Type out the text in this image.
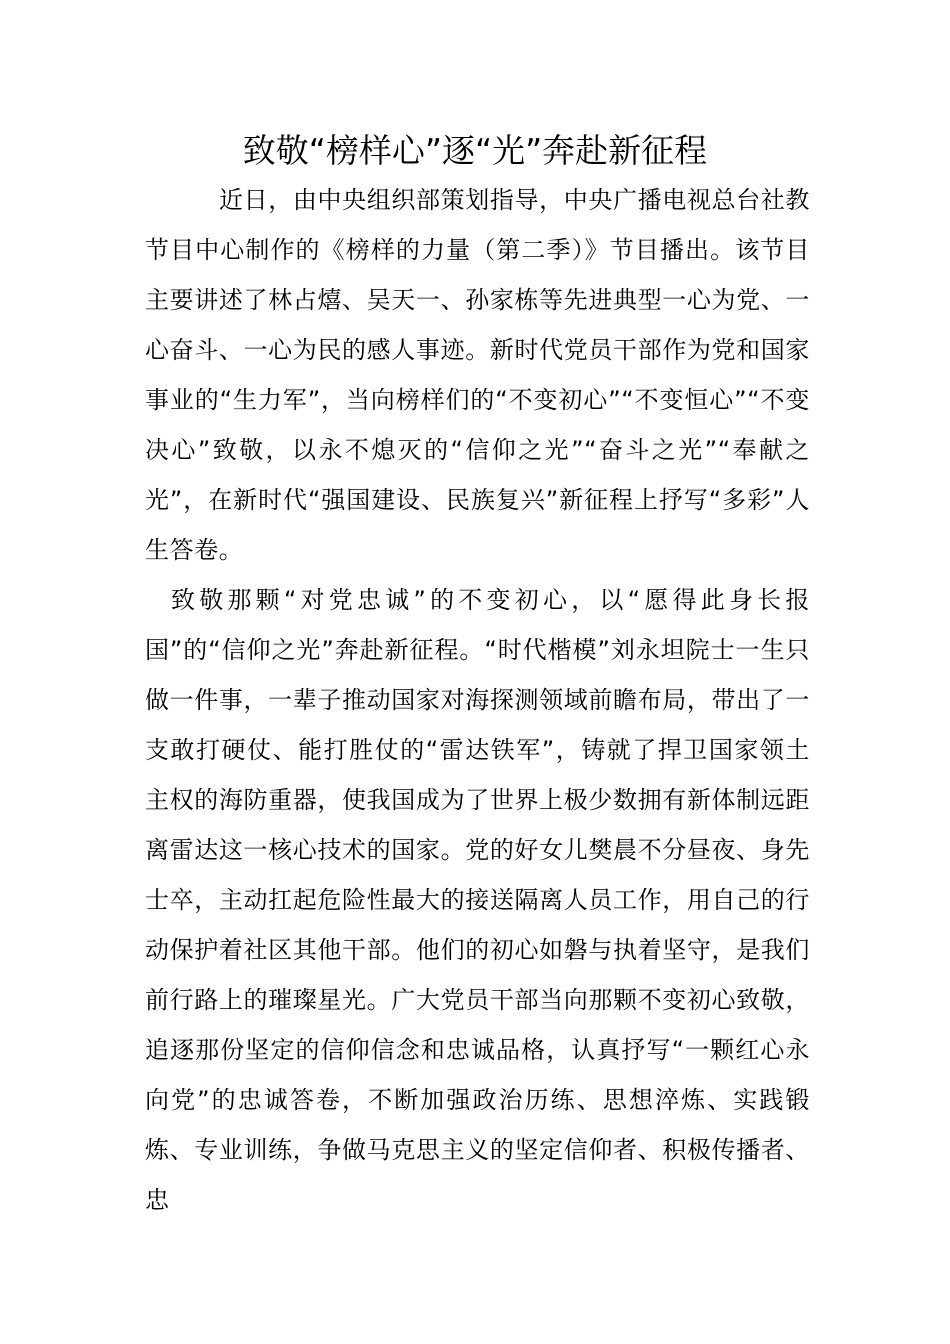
致敬“榜样心”逐“光”奔赴新征程

近日，由中央组织部策划指导，中央广播电视总台社教节目中心制作的《榜样的力量（第二季）》节目播出。该节目主要讲述了林占熺、吴天一、孙家栋等先进典型一心为党、一心奋斗、一心为民的感人事迹。新时代党员干部作为党和国家事业的“生力军”，当向榜样们的“不变初心”“不变恒心”“不变决心”致敬，以永不熄灭的“信仰之光”“奋斗之光”“奉献之光”，在新时代“强国建设、民族复兴”新征程上抒写“多彩”人生答卷。

致敬那颗“对党忠诚”的不变初心，以“愿得此身长报国”的“信仰之光”奔赴新征程。“时代楷模”刘永坦院士一生只做一件事，一辈子推动国家对海探测领域前瞻布局，带出了一支敢打硬仗、能打胜仗的“雷达铁军”，铸就了捍卫国家领土主权的海防重器，使我国成为了世界上极少数拥有新体制远距离雷达这一核心技术的国家。党的好女儿樊晨不分昼夜、身先士卒，主动扛起危险性最大的接送隔离人员工作，用自己的行动保护着社区其他干部。他们的初心如磐与执着坚守，是我们前行路上的璀璨星光。广大党员干部当向那颗不变初心致敬，追逐那份坚定的信仰信念和忠诚品格，认真抒写“一颗红心永向党”的忠诚答卷，不断加强政治历练、思想淬炼、实践锻炼、专业训练，争做马克思主义的坚定信仰者、积极传播者、忠
